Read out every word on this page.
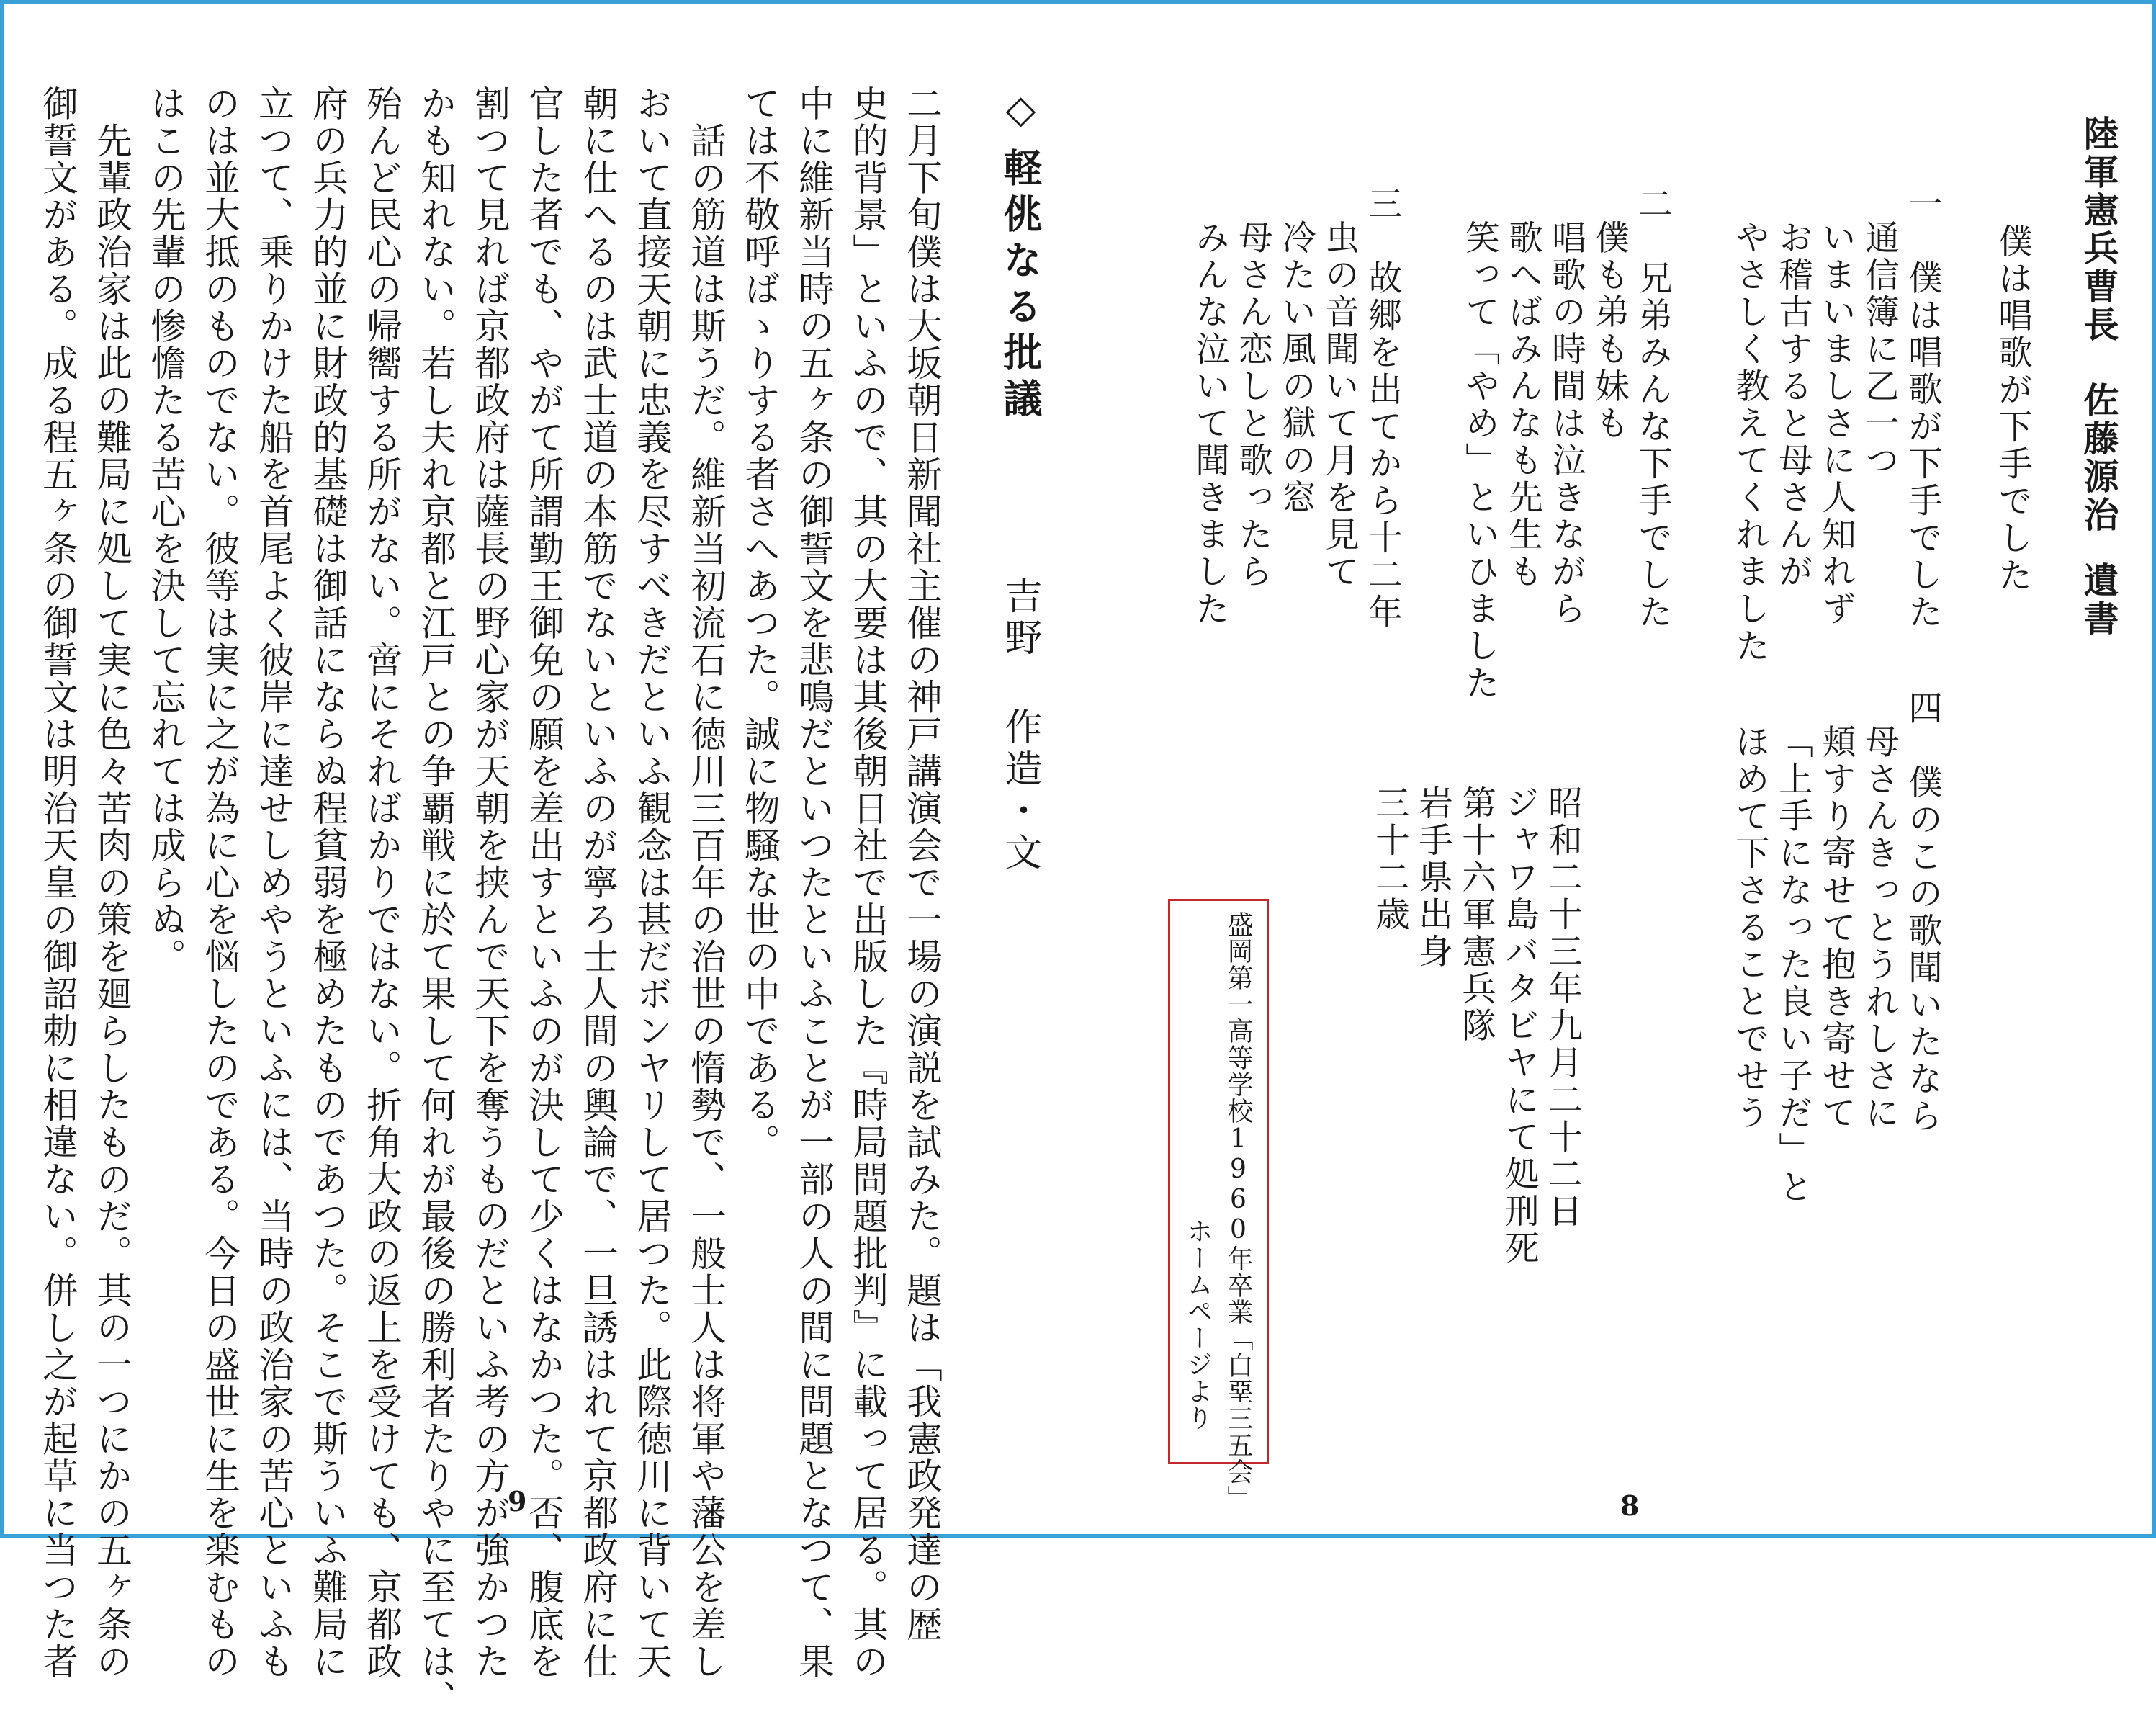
◇
軽佻なる批議
吉野 作造・文
二月下旬僕は大坂朝日新聞社主催の神戸講演会で一場の演説を試みた。題は「我憲政発達の歴
史的背景」といふので、其の大要は其後朝日社で出版した『時局問題批判』に載って居る。其の
中に維新当時の五ヶ条の御誓文を悲鳴だといつたといふことが一部の人の間に問題となつて、果
ては不敬呼ばゝりする者さへあつた。誠に物騒な世の中である。
　話の筋道は斯うだ。維新当初流石に徳川三百年の治世の惰勢で、一般士人は将軍や藩公を差し
おいて直接天朝に忠義を尽すべきだといふ観念は甚だボンヤリして居つた。此際徳川に背いて天
朝に仕へるのは武士道の本筋でないといふのが寧ろ士人間の輿論で、一旦誘はれて京都政府に仕
官した者でも、やがて所謂勤王御免の願を差出すといふのが決して少くはなかつた。否、腹底を
割つて見れば京都政府は薩長の野心家が天朝を挟んで天下を奪うものだといふ考の方が強かつた
かも知れない。若し夫れ京都と江戸との争覇戦に於て果して何れが最後の勝利者たりやに至ては、
殆んど民心の帰嚮する所がない。啻にそればかりではない。折角大政の返上を受けても、京都政
府の兵力的並に財政的基礎は御話にならぬ程貧弱を極めたものであつた。そこで斯ういふ難局に
立つて、乗りかけた船を首尾よく彼岸に達せしめやうといふには、当時の政治家の苦心といふも
のは並大抵のものでない。彼等は実に之が為に心を悩したのである。今日の盛世に生を楽むもの
はこの先輩の惨憺たる苦心を決して忘れては成らぬ。
　先輩政治家は此の難局に処して実に色々苦肉の策を廻らしたものだ。其の一つにかの五ヶ条の
御誓文がある。成る程五ヶ条の御誓文は明治天皇の御詔勅に相違ない。併し之が起草に当つた者	9
陸軍憲兵曹長
佐藤源治
遺書
僕は唱歌が下手でした
一　僕は唱歌が下手でした
通信簿に乙一つ
いまいましさに人知れず
お稽古すると母さんが
やさしく教えてくれました
二　兄弟みんな下手でした
僕も弟も妹も
唱歌の時間は泣きながら
歌へばみんなも先生も
笑って「やめ」といひました
三　故郷を出てから十二年
虫の音聞いて月を見て
冷たい風の獄の窓
母さん恋しと歌ったら
みんな泣いて聞きました
四　僕のこの歌聞いたなら
母さんきっとうれしさに
頬すり寄せて抱き寄せて
「上手になった良い子だ」と
ほめて下さることでせう
昭和二十三年九月二十二日
ジャワ島バタビヤにて処刑死
第十六軍憲兵隊
岩手県出身
三十二歳
盛岡第一高等学校1960年卒業「白堊三五会」
ホームページより
8
